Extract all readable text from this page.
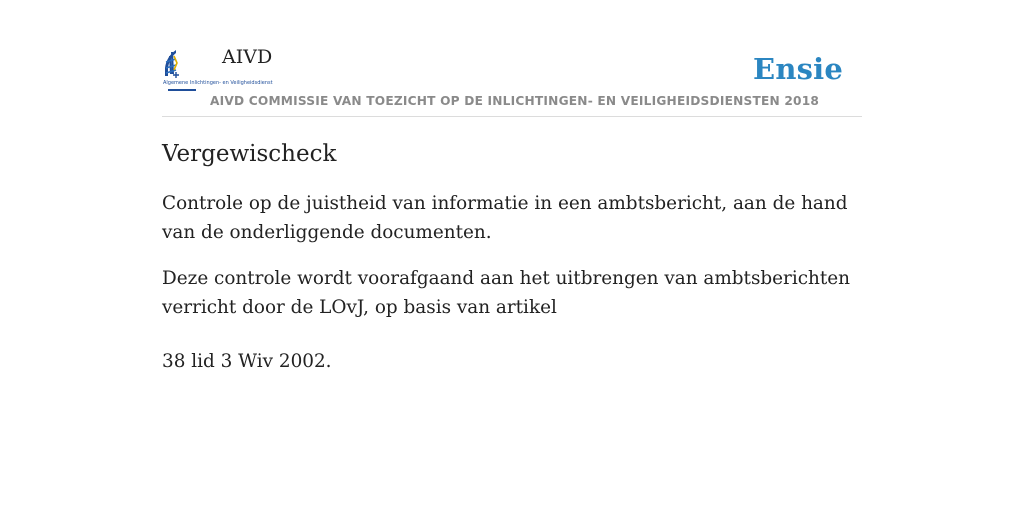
Algemene Inlichtingen- en Veiligheidsdienst
AIVD	Ensie
AIVD COMMISSIE VAN TOEZICHT OP DE INLICHTINGEN- EN VEILIGHEIDSDIENSTEN 2018
Vergewischeck

Controle op de juistheid van informatie in een ambtsbericht, aan de hand van de onderliggende documenten.

Deze controle wordt voorafgaand aan het uitbrengen van ambtsberichten verricht door de LOvJ, op basis van artikel

38 lid 3 Wiv 2002.
